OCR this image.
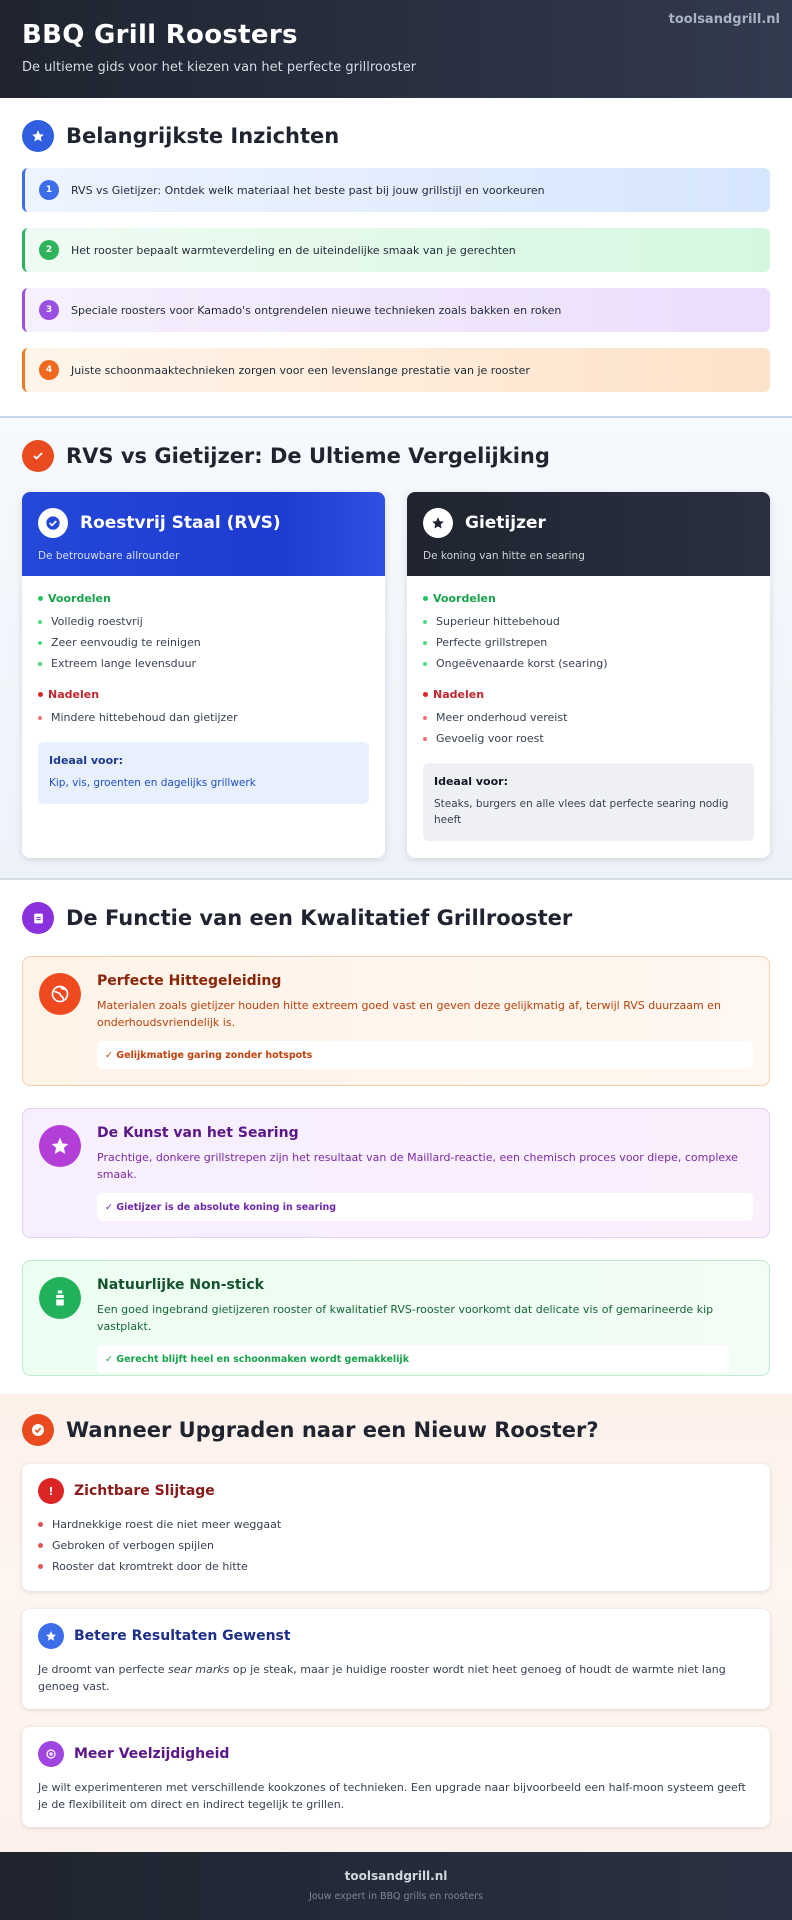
BBQ Grill Roosters
De ultieme gids voor het kiezen van het perfecte grillrooster
toolsandgrill.nl
Belangrijkste Inzichten
1	RVS vs Gietijzer: Ontdek welk materiaal het beste past bij jouw grillstijl en voorkeuren
2	Het rooster bepaalt warmteverdeling en de uiteindelijke smaak van je gerechten
3	Speciale roosters voor Kamado's ontgrendelen nieuwe technieken zoals bakken en roken
4	Juiste schoonmaaktechnieken zorgen voor een levenslange prestatie van je rooster
RVS vs Gietijzer: De Ultieme Vergelijking
Roestvrij Staal (RVS)
De betrouwbare allrounder
Voordelen
Volledig roestvrij
Zeer eenvoudig te reinigen
Extreem lange levensduur
Nadelen
Mindere hittebehoud dan gietijzer
Ideaal voor:
Kip, vis, groenten en dagelijks grillwerk
Gietijzer
De koning van hitte en searing
Voordelen
Superieur hittebehoud
Perfecte grillstrepen
Ongeëvenaarde korst (searing)
Nadelen
Meer onderhoud vereist
Gevoelig voor roest
Ideaal voor:
Steaks, burgers en alle vlees dat perfecte searing nodig heeft
De Functie van een Kwalitatief Grillrooster
Perfecte Hittegeleiding

Materialen zoals gietijzer houden hitte extreem goed vast en geven deze gelijkmatig af, terwijl RVS duurzaam en onderhoudsvriendelijk is.

✓ Gelijkmatige garing zonder hotspots
De Kunst van het Searing

Prachtige, donkere grillstrepen zijn het resultaat van de Maillard-reactie, een chemisch proces voor diepe, complexe smaak.

✓ Gietijzer is de absolute koning in searing
Natuurlijke Non-stick

Een goed ingebrand gietijzeren rooster of kwalitatief RVS-rooster voorkomt dat delicate vis of gemarineerde kip vastplakt.

✓ Gerecht blijft heel en schoonmaken wordt gemakkelijk
Wanneer Upgraden naar een Nieuw Rooster?
!	Zichtbare Slijtage
Hardnekkige roest die niet meer weggaat
Gebroken of verbogen spijlen
Rooster dat kromtrekt door de hitte
Betere Resultaten Gewenst

Je droomt van perfecte sear marks op je steak, maar je huidige rooster wordt niet heet genoeg of houdt de warmte niet lang genoeg vast.

Meer Veelzijdigheid

Je wilt experimenteren met verschillende kookzones of technieken. Een upgrade naar bijvoorbeeld een half-moon systeem geeft je de flexibiliteit om direct en indirect tegelijk te grillen.

toolsandgrill.nl
Jouw expert in BBQ grills en roosters
